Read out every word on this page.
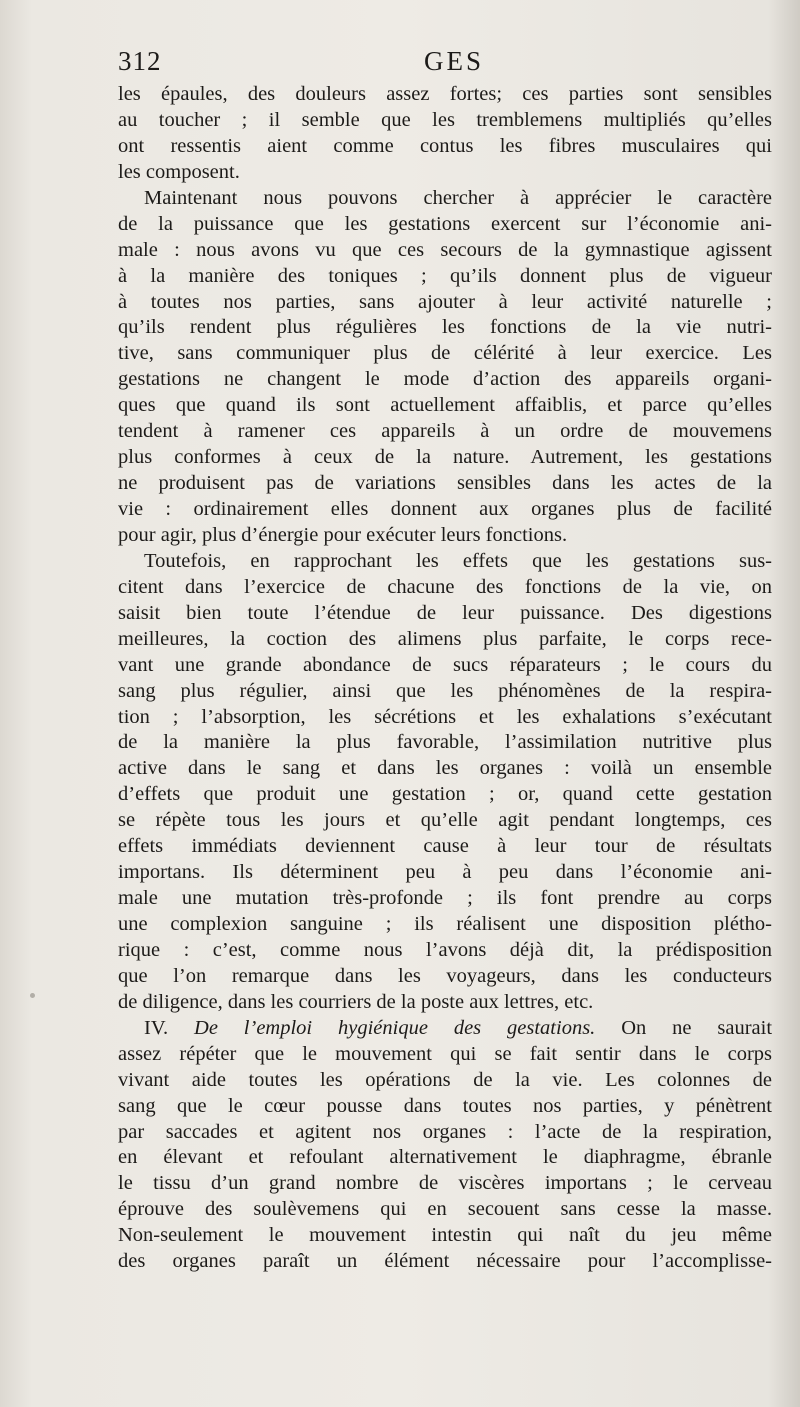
312	GES
les épaules, des douleurs assez fortes; ces parties sont sensibles
au toucher ; il semble que les tremblemens multipliés qu’elles
ont ressentis aient comme contus les fibres musculaires qui
les composent.
Maintenant nous pouvons chercher à apprécier le caractère
de la puissance que les gestations exercent sur l’économie ani-
male : nous avons vu que ces secours de la gymnastique agissent
à la manière des toniques ; qu’ils donnent plus de vigueur
à toutes nos parties, sans ajouter à leur activité naturelle ;
qu’ils rendent plus régulières les fonctions de la vie nutri-
tive, sans communiquer plus de célérité à leur exercice. Les
gestations ne changent le mode d’action des appareils organi-
ques que quand ils sont actuellement affaiblis, et parce qu’elles
tendent à ramener ces appareils à un ordre de mouvemens
plus conformes à ceux de la nature. Autrement, les gestations
ne produisent pas de variations sensibles dans les actes de la
vie : ordinairement elles donnent aux organes plus de facilité
pour agir, plus d’énergie pour exécuter leurs fonctions.
Toutefois, en rapprochant les effets que les gestations sus-
citent dans l’exercice de chacune des fonctions de la vie, on
saisit bien toute l’étendue de leur puissance. Des digestions
meilleures, la coction des alimens plus parfaite, le corps rece-
vant une grande abondance de sucs réparateurs ; le cours du
sang plus régulier, ainsi que les phénomènes de la respira-
tion ; l’absorption, les sécrétions et les exhalations s’exécutant
de la manière la plus favorable, l’assimilation nutritive plus
active dans le sang et dans les organes : voilà un ensemble
d’effets que produit une gestation ; or, quand cette gestation
se répète tous les jours et qu’elle agit pendant longtemps, ces
effets immédiats deviennent cause à leur tour de résultats
importans. Ils déterminent peu à peu dans l’économie ani-
male une mutation très-profonde ; ils font prendre au corps
une complexion sanguine ; ils réalisent une disposition pléthо-
rique : c’est, comme nous l’avons déjà dit, la prédisposition
que l’on remarque dans les voyageurs, dans les conducteurs
de diligence, dans les courriers de la poste aux lettres, etc.
IV. De l’emploi hygiénique des gestations. On ne saurait
assez répéter que le mouvement qui se fait sentir dans le corps
vivant aide toutes les opérations de la vie. Les colonnes de
sang que le cœur pousse dans toutes nos parties, y pénètrent
par saccades et agitent nos organes : l’acte de la respiration,
en élevant et refoulant alternativement le diaphragme, ébranle
le tissu d’un grand nombre de viscères importans ; le cerveau
éprouve des soulèvemens qui en secouent sans cesse la masse.
Non-seulement le mouvement intestin qui naît du jeu même
des organes paraît un élément nécessaire pour l’accomplisse-
